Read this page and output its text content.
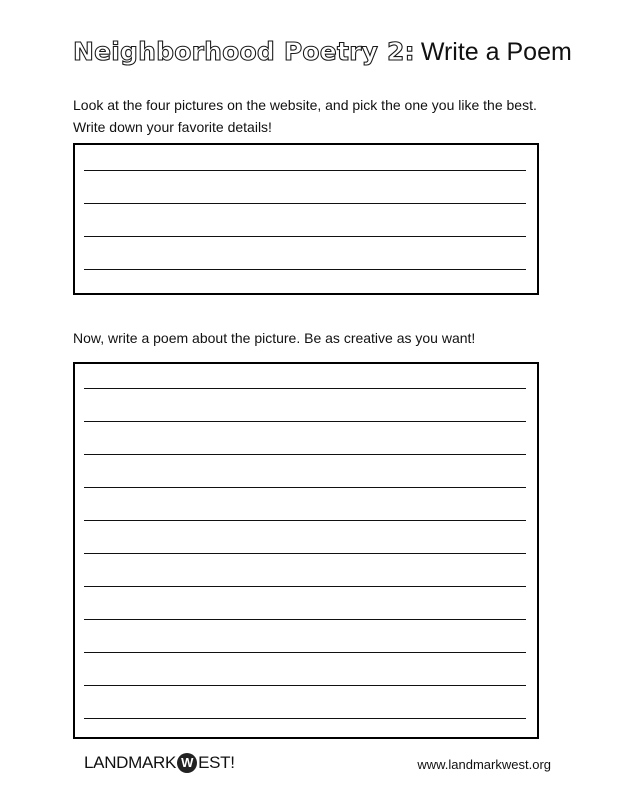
Neighborhood Poetry 2: Write a Poem
Look at the four pictures on the website, and pick the one you like the best.
Write down your favorite details!
Now, write a poem about the picture. Be as creative as you want!
LANDMARK W EST!	www.landmarkwest.org
